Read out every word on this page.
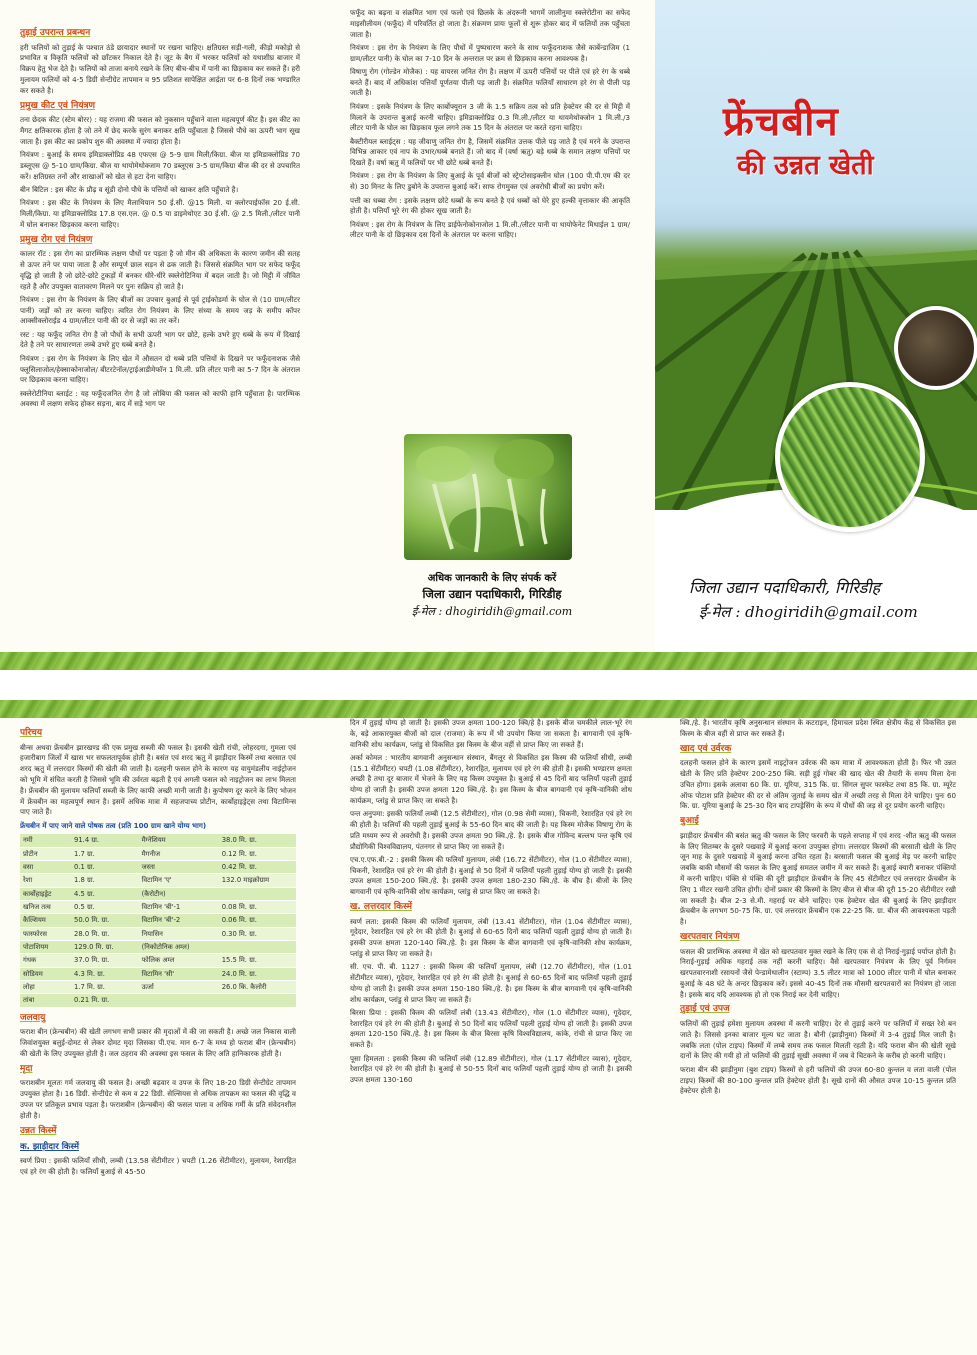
तुड़ाई उपरान्त प्रबन्धन

हरी फलियों को तुड़ाई के पश्चात ठंडे छायादार स्थानों पर रखना चाहिए। क्षतिग्रस्त सड़ी-गली, कीड़ो मकोड़ो से प्रभावित व विकृति फलियों को छाँटकर निकाल देते है। जूट के बैग में भरकर फलियों को यथाशीघ्र बाजार में विक्रय हेतु भेज देते है। फलियों को ताजा बनाये रखने के लिए बीच-बीच में पानी का छिड़काव कर सकते हैं। हरी मुलायम फलियों को 4-5 डिग्री सेन्टीग्रेट तापमान व 95 प्रतिशत सापेक्षित आर्द्रता पर 6-8 दिनों तक भण्डारित कर सकते है।

प्रमुख कीट एवं नियंत्रण

तना छेदक कीट (स्टेम बोरर) : यह राजमा की फसल को नुकसान पहुँचाने वाला महत्वपूर्ण कीट है। इस कीट का मैगट क्षतिकारक होता है जो तने में छेद करके सुरंग बनाकर क्षति पहुँचाता है जिससे पौधे का ऊपरी भाग सूख जाता है। इस कीट का प्रकोप शुरु की अवस्था में ज्यादा होता है।

नियंत्रण : बुआई के समय इमिडाक्लोप्रिड 48 एफएस @ 5-9 ग्राम मिली/किग्रा. बीज या इमिडाक्लोप्रिड 70 डब्लूएस @ 5-10 ग्राम/किग्रा. बीज या थायोमेथोक्जाम 70 डब्लूएस 3-5 ग्राम/किग्रा बीज की दर से उपचारित करें। क्षतिग्रस्त तनों और शाखाओं को खेत से हटा देना चाहिए।

बीन बिटिल : इस कीट के प्रौढ़ व सूंडी दोनो पौधे के पत्तियों को खाकर क्षति पहुँचाते है।

नियंत्रण : इस कीट के नियंत्रण के लिए मैलाथियान 50 ई.सी. @15 मिली. या क्लोरपाईफॉस 20 ई.सी. मिली/किग्रा. या इमिडाक्लोप्रिड 17.8 एस.एल. @ 0.5 या डाइमेथोएट 30 ई.सी. @ 2.5 मिली./लीटर पानी में घोल बनाकर छिड़काव करना चाहिए।

प्रमुख रोग एवं नियंत्रण

कालर रॉट : इस रोग का प्रारम्भिक लक्षण पौधों पर पड़ता है जो मीन की अधिकता के कारण जमीन की सतह से ऊपर तने पर पाया जाता है और सम्पूर्ण छाल सड़न से ढक जाती है। जिससे संक्रमित भाग पर सफेद फफूँद वृद्धि हो जाती है जो छोटे-छोटे टुकड़ों में बनकर धीरे-धीरे स्क्लेरोटिनिया में बदल जाती है। जो मिट्टी में जीवित रहते है और उपयुक्त वातावरण मिलने पर पुनः सक्रिय हो जाते है।

नियंत्रण : इस रोग के नियंत्रण के लिए बीजों का उपचार बुआई से पूर्व ट्राईकोडर्मा के घोल से (10 ग्राम/लीटर पानी) जड़ों को तर करना चाहिए। त्वरित रोग नियंत्रण के लिए संध्या के समय जड़ के समीप कॉपर आक्सीक्लोराईड 4 ग्राम/लीटर पानी की दर से जड़ों का तर करें।

रस्ट : यह फफूँद जनित रोग है जो पौधों के सभी ऊपरी भाग पर छोटे, हल्के उभरे हुए धब्बे के रूप में दिखाई देते है तने पर साधारणतः लम्बे उभरे हुए धब्बे बनते है।

नियंत्रण : इस रोग के नियंत्रण के लिए खेत में औसतन दो धब्बे प्रति पत्तियों के दिखने पर फफूँदनाशक जैसे फ्लूसिलाजोल/हेक्साकोनाजोल/ बीटरटेनॉल/ट्राईआडीमेफॉन 1 मि.ली. प्रति लीटर पानी का 5-7 दिन के अंतराल पर छिड़काव करना चाहिए।

स्क्लेरोटीनिया ब्लाईट : यह फफूँदजनित रोग है जो लोबिया की फसल को काफी हानि पहुँचाता है। पारम्भिक अवस्था में लक्षण सफेद होकर सड़ना, बाद में सड़े भाग पर

फफूँद का बढ़ना व संक्रमित भाग एवं फलो एवं छिलके के अंदरूनी भागमें जालीनुमा स्क्लेरोटीना का सफेद माइसीलीयम (फफूँद) में परिवर्तित हो जाता है। संक्रमण प्रायः फूलों से शुरू होकर बाद में फलियों तक पहुँचता जाता है।

नियंत्रण : इस रोग के नियंत्रण के लिए पौधों में पुष्पधारण करने के साथ फफूँदनाशक जैसे कार्बेन्डाजिम (1 ग्राम/लीटर पानी) के घोल का 7-10 दिन के अन्तराल पर क्रम से छिड़काव करना आवश्यक है।

विषाणु रोग (गोल्डेन मोजैक) : यह वायरस जनित रोग है। लक्षण में ऊपरी पत्तियों पर पीले एवं हरे रंग के धब्बे बनते हैं। बाद में अधिकांश पत्तियाँ पूर्णतया पीली पड़ जाती है। संक्रमित फलियाँ साधारण हरे रंग से पीली पड़ जाती है।

नियंत्रण : इसके नियंत्रण के लिए कार्बोफ्यूरान 3 जी के 1.5 सक्रिय तत्व को प्रति हेक्टेयर की दर से मिट्टी में मिलाने के उपरान्त बुआई करनी चाहिए। इमिडाक्लोप्रिड 0.3 मि.ली./लीटर या थायमेथोक्जोन 1 मि.ली./3 लीटर पानी के घोल का छिड़काव फूल लगने तक 15 दिन के अंतराल पर करते रहना चाहिए।

बैक्टीरीयल ब्लाईट्स : यह जीवाणु जनित रोग है, जिसमें संक्रमित उत्तक पीले पड़ जाते है एवं मरने के उपरान्त विभिन्न आकार एवं नाप के उभार/धब्बे बनाते हैं। जो बाद में (वर्षा ऋतु) बड़े धब्बे के समान लक्षण पत्तियों पर दिखते हैं। वर्षा ऋतु में फलियों पर भी छोटे धब्बे बनते हैं।

नियंत्रण : इस रोग के नियंत्रण के लिए बुआई के पूर्व बीजों को स्ट्रेप्टोसाइक्लीन घोल (100 पी.पी.एम की दर से) 30 मिनट के लिए डुबोने के उपरान्त बुआई करें। साफ रोगमुक्त एवं अवरोधी बीजों का प्रयोग करें।

पत्ती का धब्बा रोग : इसके लक्षण छोटे धब्बों के रूप बनते है एवं धब्बों को घेरे हुए हल्की वृत्ताकार की आकृति होती है। पत्तियाँ भूरे रंग की होकर सूख जाती है।

नियंत्रण : इस रोग के नियंत्रण के लिए डाईफेनोकोनाजोल 1 मि.ली./लीटर पानी या थायोफेनेट मिथाईल 1 ग्राम/लीटर पानी के दो छिड़काव दस दिनों के अंतराल पर करना चाहिए।

अधिक जानकारी के लिए संपर्क करें
जिला उद्यान पदाधिकारी, गिरिडीह
ई-मेल : dhogiridih@gmail.com
फ्रेंचबीन
की उन्नत खेती
जिला उद्यान पदाधिकारी, गिरिडीह
ई-मेल : dhogiridih@gmail.com
परिचय

बीन्स अथवा फ्रेंचबीन झारखण्ड की एक प्रमुख सब्जी की फसल है। इसकी खेती रांची, लोहरदगा, गुमला एवं हजारीबाग जिलों में खास भर सफलतापूर्वक होती है। बसंत एवं शरद ऋतु में झाड़ीदार किस्में तथा बरसात एवं शरद ऋतु में लत्तरदार किस्मों की खेती की जाती है। दलहनी फसल होने के कारण यह वायुमंडलीय नाईट्रोजन को भूमि में संचित करती है जिससे भूमि की उर्वरता बढ़ती है एवं अगली फसल को नाइट्रोजन का लाभ मिलता है। फ्रेंचबीन की मुलायम फलियाँ सब्जी के लिए काफी अच्छी मानी जाती है। कुपोषण दूर करने के लिए भोजन में फ्रेंचबीन का महत्वपूर्ण स्थान है। इसमें अधिक मात्रा में सहजपाच्य प्रोटीन, कार्बोहाइड्रेट्स तथा विटामिन्स पाए जाते हैं।

फ्रेंचबीन में पाए जाने वाले पोषक तत्व (प्रति 100 ग्राम खाने योग्य भाग)
नमी	91.4 ग्रा.	मैग्नेशियम	38.0 मि. ग्रा.
प्रोटीन	1.7 ग्रा.	मैगनीज	0.12 मि. ग्रा.
वसा	0.1 ग्रा.	जस्ता	0.42 मि. ग्रा.
रेशा	1.8 ग्रा.	विटामिन 'ए'	132.0 माइक्रोग्राम
कार्बोहाइड्रेट	4.5 ग्रा.	(कैरोटीन)	
खनिज तत्व	0.5 ग्रा.	विटामिन 'बी'-1	0.08 मि. ग्रा.
कैल्शियम	50.0 मि. ग्रा.	विटामिन 'बी'-2	0.06 मि. ग्रा.
फास्फोरस	28.0 मि. ग्रा.	नियासिन	0.30 मि. ग्रा.
पोटाशियम	129.0 मि. ग्रा.	(निकोटोनिक अम्ल)	
गंधक	37.0 मि. ग्रा.	फोलिक अम्ल	15.5 मि. ग्रा.
सोडियम	4.3 मि. ग्रा.	विटामिन 'सी'	24.0 मि. ग्रा.
लोहा	1.7 मि. ग्रा.	ऊर्जा	26.0 कि. कैलोरी
तांबा	0.21 मि. ग्रा.		
जलवायु

फराश बीन (फ्रेन्चबीन) की खेती लगभग सभी प्रकार की मृदाओं में की जा सकती है। अच्छे जल निकास वाली जिवांशयुक्त बलुई-दोमट से लेकर दोमट मृदा जिसका पी.एच. मान 6-7 के मध्य हो फराश बीन (फ्रेन्चबीन) की खेती के लिए उपयुक्त होती है। जल ठहराव की अवस्था इस फसल के लिए अति हानिकारक होती है।

मृदा

फराशबीन मूलतः गर्म जलवायु की फसल है। अच्छी बढ़वार व उपज के लिए 18-20 डिग्री सेन्टीग्रेट तापमान उपयुक्त होता है। 16 डिग्री. सेन्टीग्रेट से कम व 22 डिग्री. सेल्सियस से अधिक तापक्रम का फसल की वृद्धि व उपज पर प्रतिकूल प्रभाव पड़ता है। फराशबीन (फ्रेन्चबीन) की फसल पाला व अधिक गर्मी के प्रति संवेदनशील होती है।

उन्नत किस्में
क. झाड़ीदार किस्में

स्वर्ण प्रिया : इसकी फलियाँ सीधी, लम्बी (13.58 सेंटीमीटर ) चपटी (1.26 सेंटीमीटर), मुलायम, रेशारहित एवं हरे रंग की होती है। फलियाँ बुआई से 45-50

दिन में तुड़ाई योग्य हो जाती है। इसकी उपज क्षमता 100-120 क्वि/हे है। इसके बीज चमकीले लाल-भूरे रंग के, बड़े आकारयुक्त बीजों को दाल (राजमा) के रूप में भी उपयोग किया जा सकता है। बागवानी एवं कृषि-वानिकी शोध कार्यक्रम, प्लांडु से विकसित इस किस्म के बीज वहीं से प्राप्त किए जा सकते हैं।

अर्का कोमल : भारतीय बागवानी अनुसन्धान संस्थान, बैंगलूर से विकसित इस किस्म की फलियाँ सीधी, लम्बी (15.1 सेंटीमीटर) चपटी (1.08 सेंटीमीटर), रेशारहित, मुलायम एवं हरे रंग की होती है। इसकी भण्डारण क्षमता अच्छी है तथा दूर बाजार में भेजने के लिए यह किस्म उपयुक्त है। बुआई से 45 दिनों बाद फलियाँ पहली तुड़ाई योग्य हो जाती है। इसकी उपज क्षमता 120 क्वि./हे. है। इस किस्म के बीज बागवानी एवं कृषि-वानिकी शोध कार्यक्रम, प्लांडु से प्राप्त किए जा सकते है।

पन्त अनुपमा: इसकी फलियाँ लम्बी (12.5 सेंटीमीटर), गोल (0.98 सेमी व्यास), चिकनी, रेशारहित एवं हरे रंग की होती है। फलियाँ की पहली तुड़ाई बुआई के 55-60 दिन बाद की जाती है। यह किस्म मोजैक विषाणु रोग के प्रति मध्यम रूप से अवरोधी है। इसकी उपज क्षमता 90 क्वि./हे. है। इसके बीज गोविन्द बल्लभ पन्त कृषि एवं प्रौद्योगिकी विश्वविद्यालय, पंतनगर से प्राप्त किए जा सकते हैं।

एच.ए.एफ.बी.-2 : इसकी किस्म की फलियाँ मुलायम, लंबी (16.72 सेंटीमीटर), गोल (1.0 सेंटीमीटर व्यास), चिकनी, रेशारहित एवं हरे रंग की होती है। बुआई से 50 दिनों में फलियाँ पहली तुड़ाई योग्य हो जाती है। इसकी उपज क्षमता 150-200 क्वि./हे. है। इसकी उपज क्षमता 180-230 क्वि./हे. के बीच है। बीजों के लिए बागवानी एवं कृषि-वानिकी शोध कार्यक्रम, प्लांडु से प्राप्त किए जा सकते है।

ख. लत्तरदार किस्में

स्वर्ण लता: इसकी किस्म की फलियाँ मुलायम, लंबी (13.41 सेंटीमीटर), गोल (1.04 सेंटीमीटर व्यास), गूदेदार, रेशारहित एवं हरे रंग की होती है। बुआई से 60-65 दिनों बाद फलियाँ पहली तुड़ाई योग्य हो जाती है। इसकी उपज क्षमता 120-140 क्वि./हे. है। इस किस्म के बीज बागवानी एवं कृषि-वानिकी शोध कार्यक्रम, प्लांडु से प्राप्त किए जा सकते है।

सी. एच. पी. बी. 1127 : इसकी किस्म की फलियाँ मुलायम, लंबी (12.70 सेंटीमीटर), गोल (1.01 सेंटीमीटर व्यास), गूदेदार, रेशारहित एवं हरे रंग की होती है। बुआई से 60-65 दिनों बाद फलियाँ पहली तुड़ाई योग्य हो जाती है। इसकी उपज क्षमता 150-180 क्वि./हे. है। इस किस्म के बीज बागवानी एवं कृषि-वानिकी शोध कार्यक्रम, प्लांडु से प्राप्त किए जा सकते हैं।

बिरसा प्रिया : इसकी किस्म की फलियाँ लंबी (13.43 सेंटीमीटर), गोल (1.0 सेंटीमीटर व्यास), गूदेदार, रेशारहित एवं हरे रंग की होती है। बुआई से 50 दिनों बाद फलियाँ पहली तुड़ाई योग्य हो जाती है। इसकी उपज क्षमता 120-150 क्वि./हे. है। इस किस्म के बीज बिरसा कृषि विश्वविद्यालय, कांके, रांची से प्राप्त किए जा सकते हैं।

पूसा हिमलता : इसकी किस्म की फलियाँ लंबी (12.89 सेंटीमीटर), गोल (1.17 सेंटीमीटर व्यास), गूदेदार, रेशारहित एवं हरे रंग की होती है। बुआई से 50-55 दिनों बाद फलियाँ पहली तुड़ाई योग्य हो जाती है। इसकी उपज क्षमता 130-160

क्वि./हे. है। भारतीय कृषि अनुसन्धान संस्थान के कटराइन, हिमाचल प्रदेश स्थित क्षेत्रीय केंद्र से विकसित इस किस्म के बीज वहीं से प्राप्त कर सकते हैं।

खाद एवं उर्वरक

दलहनी फसल होने के कारण इसमें नाइट्रोजन उर्वरक की कम मात्रा में आवश्यकता होती है। फिर भी उन्नत खेती के लिए प्रति हेक्टेयर 200-250 क्वि. सड़ी हुई गोबर की खाद खेत की तैयारी के समय मिला देना उचित होगा। इसके अलावा 60 कि. ग्रा. यूरिया, 315 कि. ग्रा. सिंगल सुपर फास्फेट तथा 85 कि. ग्रा. म्यूरेट ऑफ पोटाश प्रति हेक्टेयर की दर से अंतिम जुताई के समय खेत में अच्छी तरह से मिला देने चाहिए। पुनः 60 कि. ग्रा. यूरिया बुआई के 25-30 दिन बाद टापड्रेसिंग के रूप में पौधों की जड़ से दूर प्रयोग करनी चाहिए।

बुआई

झाड़ीदार फ्रेंचबीन की बसंत ऋतु की फसल के लिए फरवरी के पहले सप्ताह में एवं शरद -शीत ऋतु की फसल के लिए सितम्बर के दुसरे पखवाड़े में बुआई करना उपयुक्त होगा। लत्तरदार किस्मों की बरसाती खेती के लिए जून माह के दुसरे पखवाड़े में बुआई करना उचित रहता है। बरसाती फसल की बुआई मेड़ पर करनी चाहिए जबकि बाकी मौसमों की फसल के लिए बुआई समतल जमीन में कर सकते हैं। बुआई क्यारी बनाकर पंक्तियों में करनी चाहिए। पंक्ति से पंक्ति की दूरी झाड़ीदार फ्रेंचबीन के लिए 45 सेंटीमीटर एवं लत्तरदार फ्रेंचबीन के लिए 1 मीटर रखनी उचित होगी। दोनों प्रकार की किस्मों के लिए बीज से बीज की दूरी 15-20 सेंटीमीटर रखी जा सकती है। बीज 2-3 से.मी. गहराई पर बोने चाहिए। एक हेक्टेयर खेत की बुआई के लिए झाड़ीदार फ्रेंचबीन के लगभग 50-75 कि. ग्रा. एवं लत्तरदार फ्रेंचबीन एक 22-25 कि. ग्रा. बीज की आवश्यकता पड़ती है।

खरपतवार नियंत्रण

फसल की प्रारम्भिक अवस्था में खेत को खरपतवार मुक्त रखने के लिए एक से दो निराई-गुड़ाई पर्याप्त होती है। निराई-गुड़ाई अधिक गहराई तक नहीं करनी चाहिए। वैसे खरपतवार नियंत्रण के लिए पूर्व निर्गमन खरपतवारनाशी रसायनों जैसे पेन्डामेथालीन (स्टाम्प) 3.5 लीटर मात्रा को 1000 लीटर पानी में घोल बनाकर बुआई के 48 घंटे के अन्दर छिड़काव करें। इससे 40-45 दिनों तक मौसमी खरपतवारों का नियंत्रण हो जाता है। इसके बाद यदि आवश्यक हो तो एक निराई कर देनी चाहिए।

तुड़ाई एवं उपज

फलियों की तुड़ाई हमेशा मुलायम अवस्था में करनी चाहिए। देर से तुड़ाई करने पर फलियाँ में सख्त रेशे बन जाते है। जिससे इनका बाजार मूल्य घट जाता है। बौनी (झाड़ीनुमा) किस्मों में 3-4 तुड़ाई मिल जाती है। जबकि लता (पोल टाइप) किस्मों में लम्बे समय तक फसल मिलती रहती है। यदि फराश बीन की खेती सूखे दानों के लिए की गयी हो तो फलियों की तुड़ाई सूखी अवस्था में जब वे चिटकने के करीब हो करनी चाहिए।

फराश बीन की झाड़ीनुमा (बुश टाइप) किस्मों से हरी फलियों की उपज 60-80 कुन्तल व लता वाली (पोल टाइप) किस्मों की 80-100 कुन्तल प्रति हेक्टेयर होती है। सूखे दानों की औसत उपज 10-15 कुन्तल प्रति हेक्टेयर होती है।
